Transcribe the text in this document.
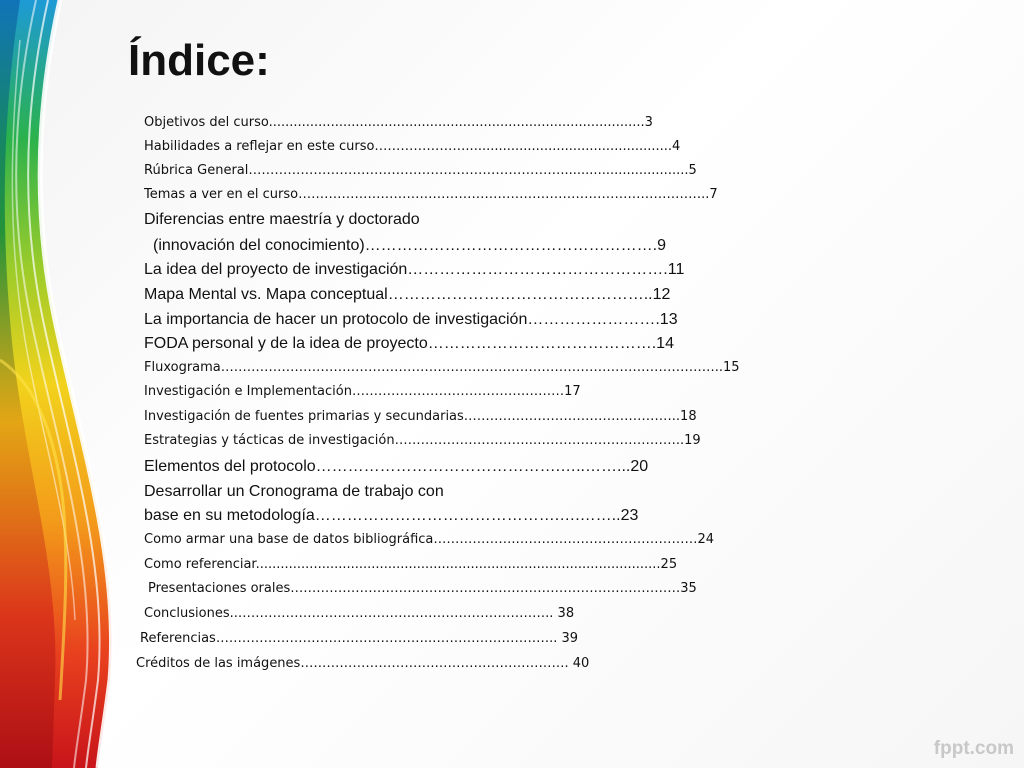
Índice:
Objetivos del curso...........................................................................................3
Habilidades a reflejar en este curso…………………..................................................4
Rúbrica General………………………………………………………………...............................5
Temas a ver en el curso…………………………………………………………………………………..7
Diferencias entre maestría y doctorado
(innovación del conocimiento)……………………………………………….9
La idea del proyecto de investigación………………………………………….11
Mapa Mental vs. Mapa conceptual…………………………………………..12
La importancia de hacer un protocolo de investigación…………………….13
FODA personal y de la idea de proyecto…………………………………….14
Fluxograma……………………………………………………………………………………………………..15
Investigación e Implementación………………………………….………17
Investigación de fuentes primarias y secundarias…………………………………………..18
Estrategias y tácticas de investigación…………………………..……………………………..19
Elementos del protocolo……………………………………….…..……...20
Desarrollar un Cronograma de trabajo con
base en su metodología……………………………………….….……..23
Como armar una base de datos bibliográfica……………….……………………………………24
Como referenciar..................................................................................................25
Presentaciones orales………………………………………………………………………………35
Conclusiones..…………………………………..………………………….. 38
Referencias…………………………………………..……………………….. 39
Créditos de las imágenes………………………….…………………………. 40
fppt.com
